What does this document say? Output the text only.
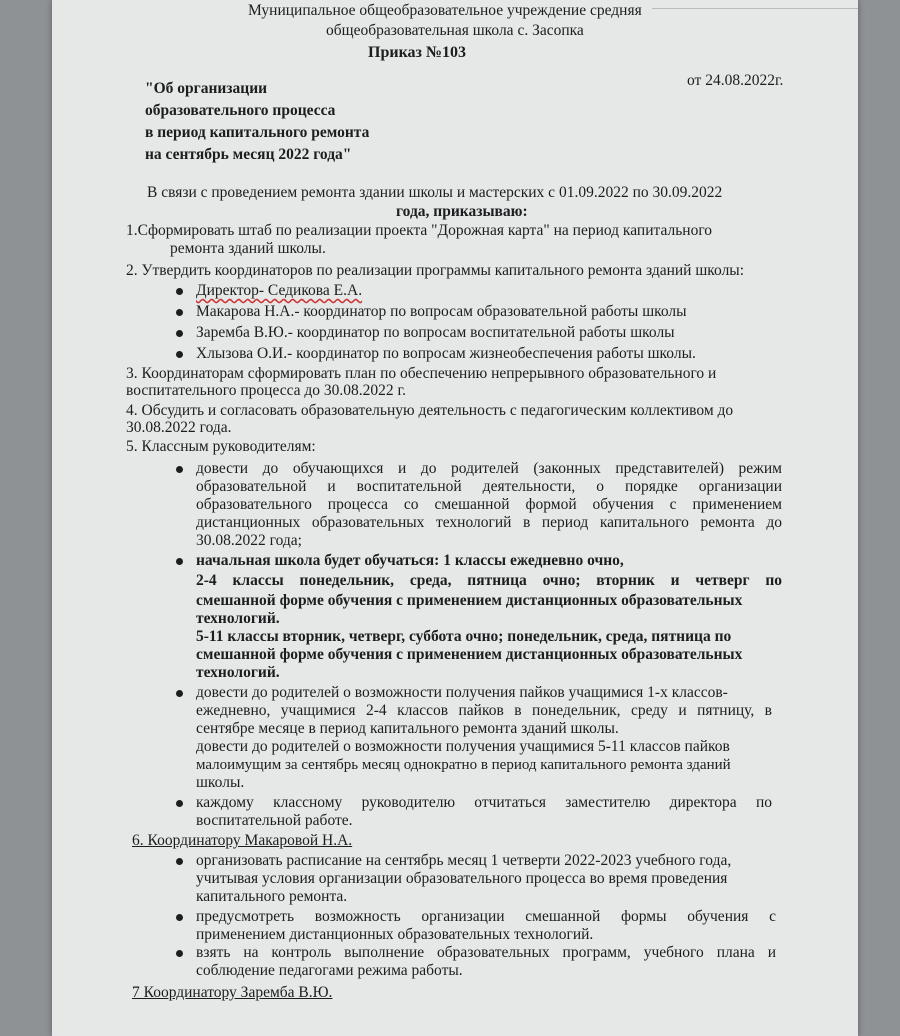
Муниципальное общеобразовательное учреждение средняя
общеобразовательная школа с. Засопка
Приказ №103
от 24.08.2022г.
"Об организации
образовательного процесса
в период капитального ремонта
на сентябрь месяц 2022 года"
В связи с проведением ремонта здании школы и мастерских с 01.09.2022 по 30.09.2022
года, приказываю:
1.Сформировать штаб по реализации проекта "Дорожная карта" на период капитального
ремонта зданий школы.
2. Утвердить координаторов по реализации программы капитального ремонта зданий школы:
Директор- Седикова Е.А.
Макарова Н.А.- координатор по вопросам образовательной работы школы
Заремба В.Ю.- координатор по вопросам воспитательной работы школы
Хлызова О.И.- координатор по вопросам жизнеобеспечения работы школы.
3. Координаторам сформировать план по обеспечению непрерывного образовательного и
воспитательного процесса до 30.08.2022 г.
4. Обсудить и согласовать образовательную деятельность с педагогическим коллективом до
30.08.2022 года.
5. Классным руководителям:
довести до обучающихся и до родителей (законных представителей) режим
образовательной и воспитательной деятельности, о порядке организации
образовательного процесса со смешанной формой обучения с применением
дистанционных образовательных технологий в период капитального ремонта до
30.08.2022 года;
начальная школа будет обучаться: 1 классы ежедневно очно,
2-4 классы понедельник, среда, пятница очно; вторник и четверг по
смешанной форме обучения с применением дистанционных образовательных
технологий.
5-11 классы вторник, четверг, суббота очно; понедельник, среда, пятница по
смешанной форме обучения с применением дистанционных образовательных
технологий.
довести до родителей о возможности получения пайков учащимися 1-х классов-
ежедневно, учащимися 2-4 классов пайков в понедельник, среду и пятницу, в
сентябре месяце в период капитального ремонта зданий школы.
довести до родителей о возможности получения учащимися 5-11 классов пайков
малоимущим за сентябрь месяц однократно в период капитального ремонта зданий
школы.
каждому классному руководителю отчитаться заместителю директора по
воспитательной работе.
6. Координатору Макаровой Н.А.
организовать расписание на сентябрь месяц 1 четверти 2022-2023 учебного года,
учитывая условия организации образовательного процесса во время проведения
капитального ремонта.
предусмотреть возможность организации смешанной формы обучения с
применением дистанционных образовательных технологий.
взять на контроль выполнение образовательных программ, учебного плана и
соблюдение педагогами режима работы.
7 Координатору Заремба В.Ю.
